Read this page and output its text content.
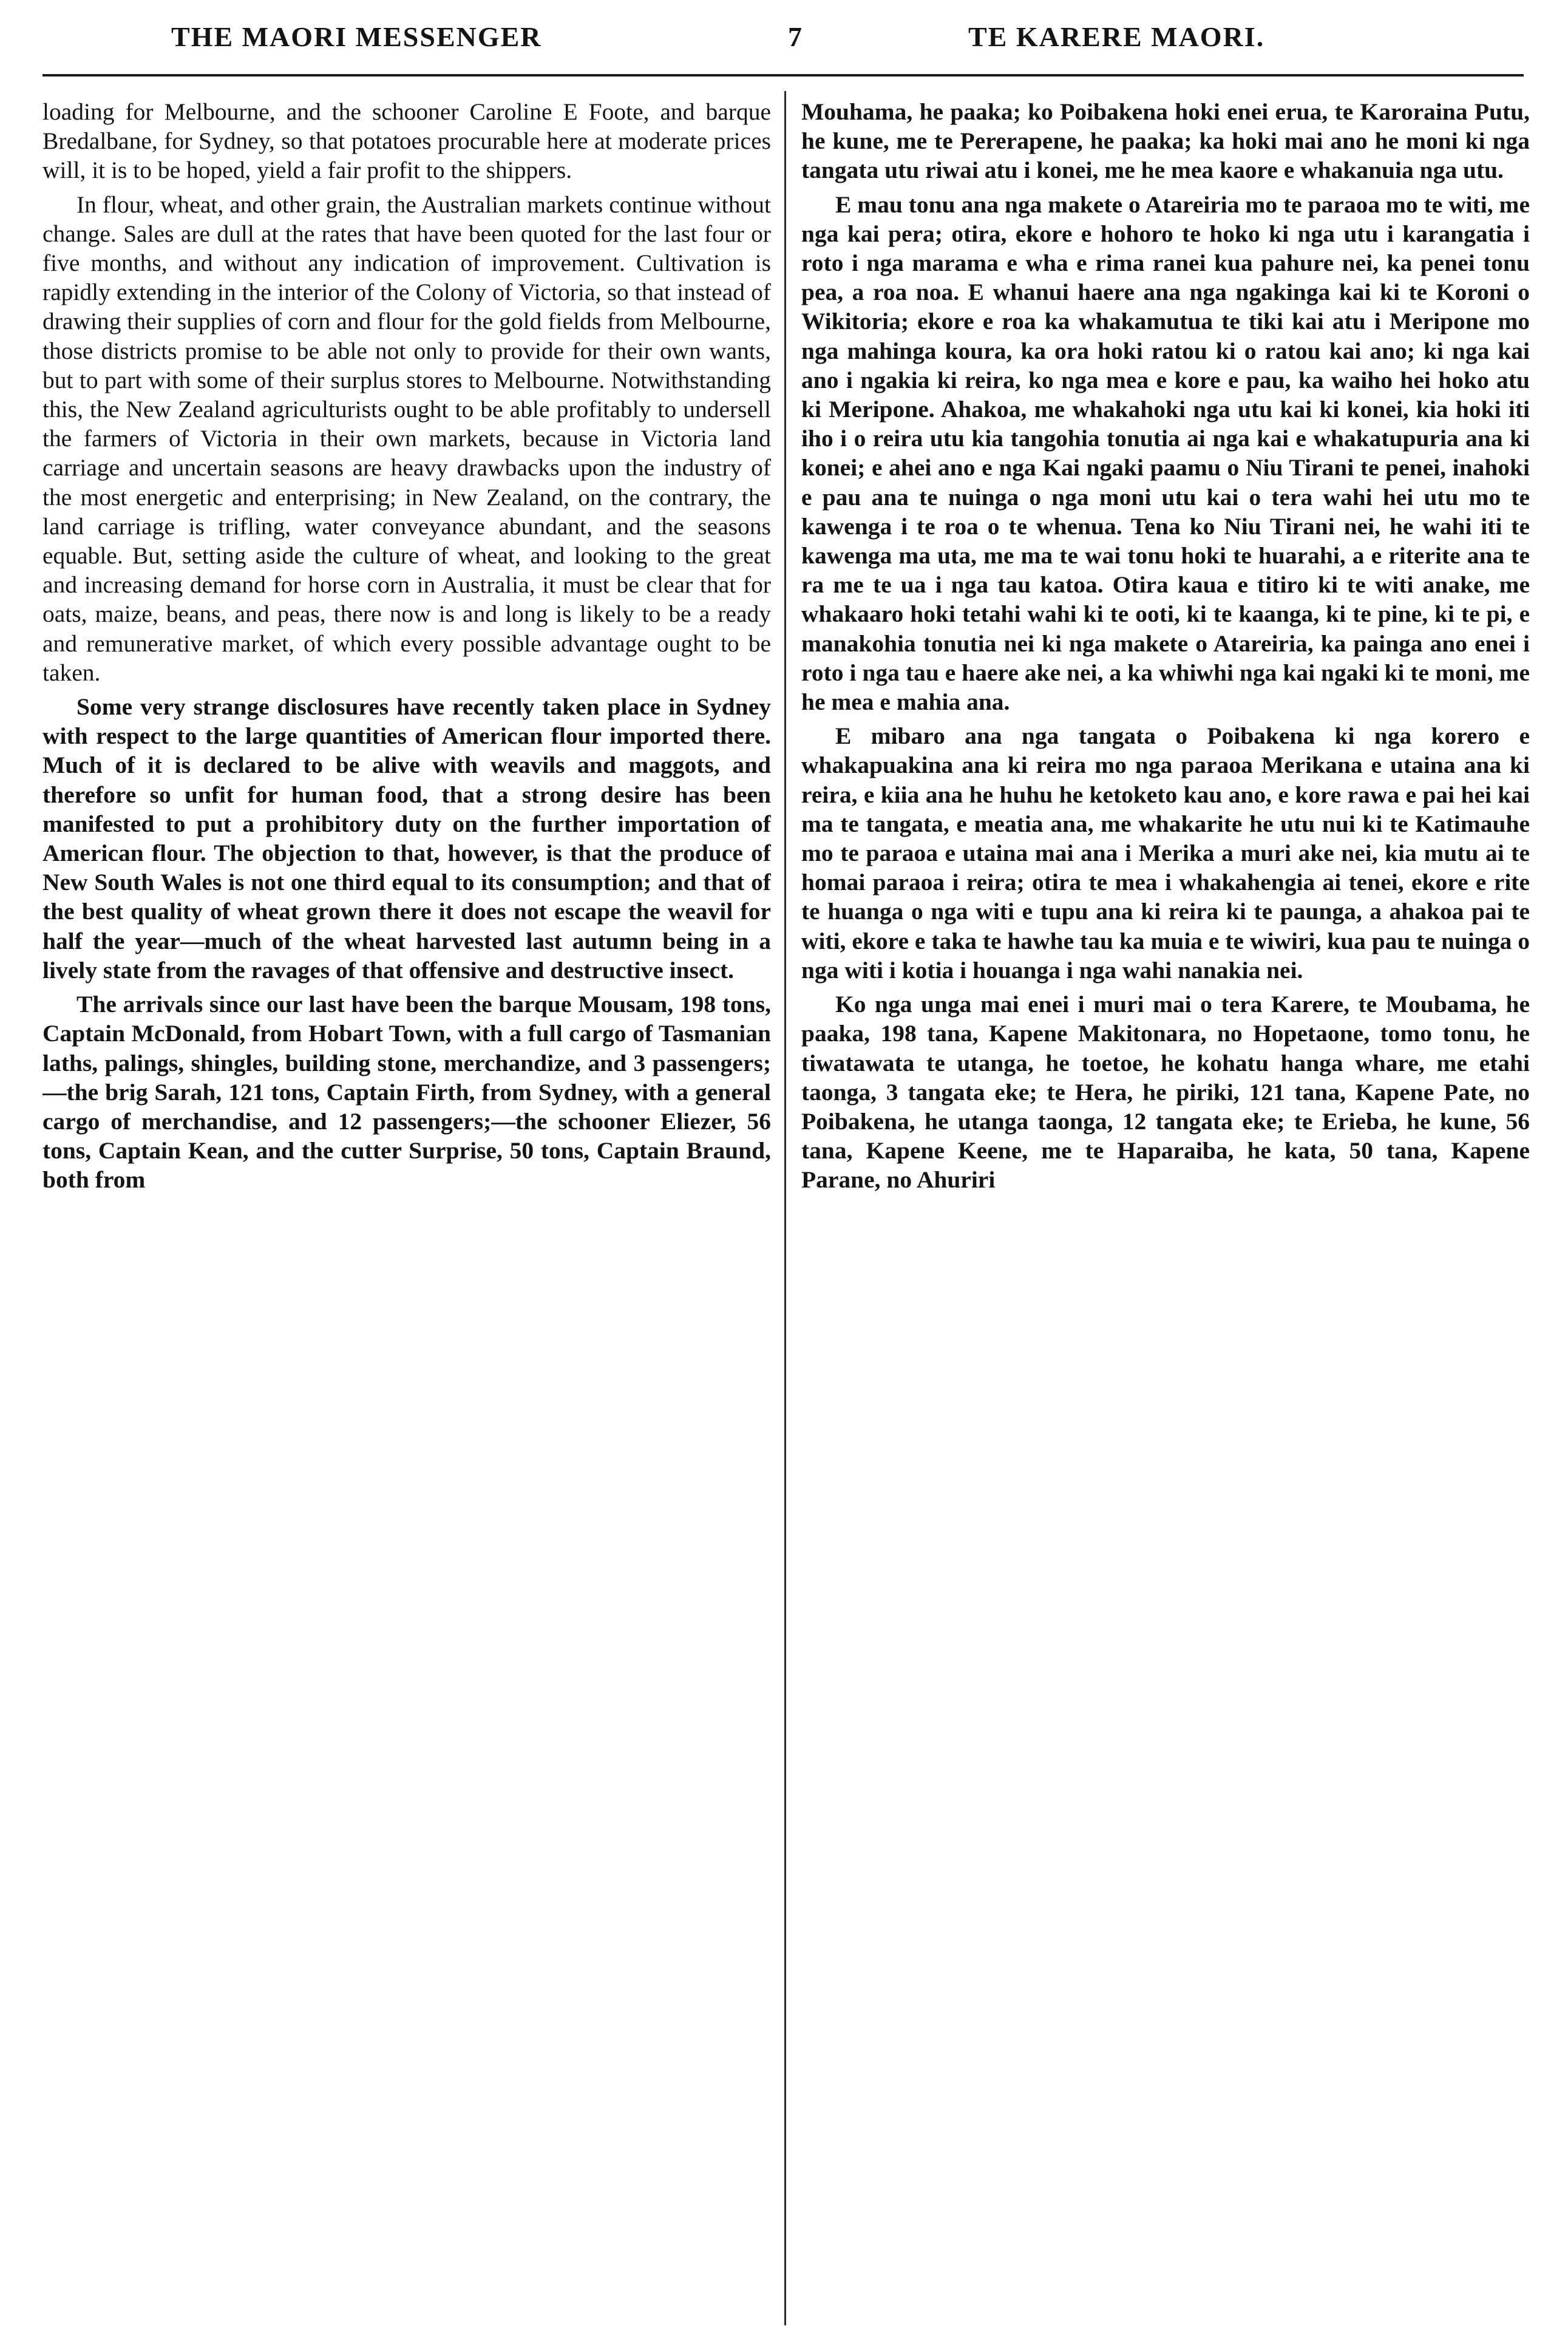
THE MAORI MESSENGER	7	TE KARERE MAORI.

loading for Melbourne, and the schooner Caroline E Foote, and barque Bredalbane, for Sydney, so that potatoes procurable here at moderate prices will, it is to be hoped, yield a fair profit to the shippers.

In flour, wheat, and other grain, the Australian markets continue without change. Sales are dull at the rates that have been quoted for the last four or five months, and without any indication of improvement. Cultivation is rapidly extending in the interior of the Colony of Victoria, so that instead of drawing their supplies of corn and flour for the gold fields from Melbourne, those districts promise to be able not only to provide for their own wants, but to part with some of their surplus stores to Melbourne. Notwithstanding this, the New Zealand agriculturists ought to be able profitably to undersell the farmers of Victoria in their own markets, because in Victoria land carriage and uncertain seasons are heavy drawbacks upon the industry of the most energetic and enterprising; in New Zealand, on the contrary, the land carriage is trifling, water conveyance abundant, and the seasons equable. But, setting aside the culture of wheat, and looking to the great and increasing demand for horse corn in Australia, it must be clear that for oats, maize, beans, and peas, there now is and long is likely to be a ready and remunerative market, of which every possible advantage ought to be taken.

Some very strange disclosures have recently taken place in Sydney with respect to the large quantities of American flour imported there. Much of it is declared to be alive with weavils and maggots, and therefore so unfit for human food, that a strong desire has been manifested to put a prohibitory duty on the further importation of American flour. The objection to that, however, is that the produce of New South Wales is not one third equal to its consumption; and that of the best quality of wheat grown there it does not escape the weavil for half the year—much of the wheat harvested last autumn being in a lively state from the ravages of that offensive and destructive insect.

The arrivals since our last have been the barque Mousam, 198 tons, Captain McDonald, from Hobart Town, with a full cargo of Tasmanian laths, palings, shingles, building stone, merchandize, and 3 passengers;—the brig Sarah, 121 tons, Captain Firth, from Sydney, with a general cargo of merchandise, and 12 passengers;—the schooner Eliezer, 56 tons, Captain Kean, and the cutter Surprise, 50 tons, Captain Braund, both from

Mouhama, he paaka; ko Poibakena hoki enei erua, te Karoraina Putu, he kune, me te Pererapene, he paaka; ka hoki mai ano he moni ki nga tangata utu riwai atu i konei, me he mea kaore e whakanuia nga utu.

E mau tonu ana nga makete o Atareiria mo te paraoa mo te witi, me nga kai pera; otira, ekore e hohoro te hoko ki nga utu i karangatia i roto i nga marama e wha e rima ranei kua pahure nei, ka penei tonu pea, a roa noa. E whanui haere ana nga ngakinga kai ki te Koroni o Wikitoria; ekore e roa ka whakamutua te tiki kai atu i Meripone mo nga mahinga koura, ka ora hoki ratou ki o ratou kai ano; ki nga kai ano i ngakia ki reira, ko nga mea e kore e pau, ka waiho hei hoko atu ki Meripone. Ahakoa, me whakahoki nga utu kai ki konei, kia hoki iti iho i o reira utu kia tangohia tonutia ai nga kai e whakatupuria ana ki konei; e ahei ano e nga Kai ngaki paamu o Niu Tirani te penei, inahoki e pau ana te nuinga o nga moni utu kai o tera wahi hei utu mo te kawenga i te roa o te whenua. Tena ko Niu Tirani nei, he wahi iti te kawenga ma uta, me ma te wai tonu hoki te huarahi, a e riterite ana te ra me te ua i nga tau katoa. Otira kaua e titiro ki te witi anake, me whakaaro hoki tetahi wahi ki te ooti, ki te kaanga, ki te pine, ki te pi, e manakohia tonutia nei ki nga makete o Atareiria, ka painga ano enei i roto i nga tau e haere ake nei, a ka whiwhi nga kai ngaki ki te moni, me he mea e mahia ana.

E mibaro ana nga tangata o Poibakena ki nga korero e whakapuakina ana ki reira mo nga paraoa Merikana e utaina ana ki reira, e kiia ana he huhu he ketoketo kau ano, e kore rawa e pai hei kai ma te tangata, e meatia ana, me whakarite he utu nui ki te Katimauhe mo te paraoa e utaina mai ana i Merika a muri ake nei, kia mutu ai te homai paraoa i reira; otira te mea i whakahengia ai tenei, ekore e rite te huanga o nga witi e tupu ana ki reira ki te paunga, a ahakoa pai te witi, ekore e taka te hawhe tau ka muia e te wiwiri, kua pau te nuinga o nga witi i kotia i houanga i nga wahi nanakia nei.

Ko nga unga mai enei i muri mai o tera Karere, te Moubama, he paaka, 198 tana, Kapene Makitonara, no Hopetaone, tomo tonu, he tiwatawata te utanga, he toetoe, he kohatu hanga whare, me etahi taonga, 3 tangata eke; te Hera, he piriki, 121 tana, Kapene Pate, no Poibakena, he utanga taonga, 12 tangata eke; te Erieba, he kune, 56 tana, Kapene Keene, me te Haparaiba, he kata, 50 tana, Kapene Parane, no Ahuriri
